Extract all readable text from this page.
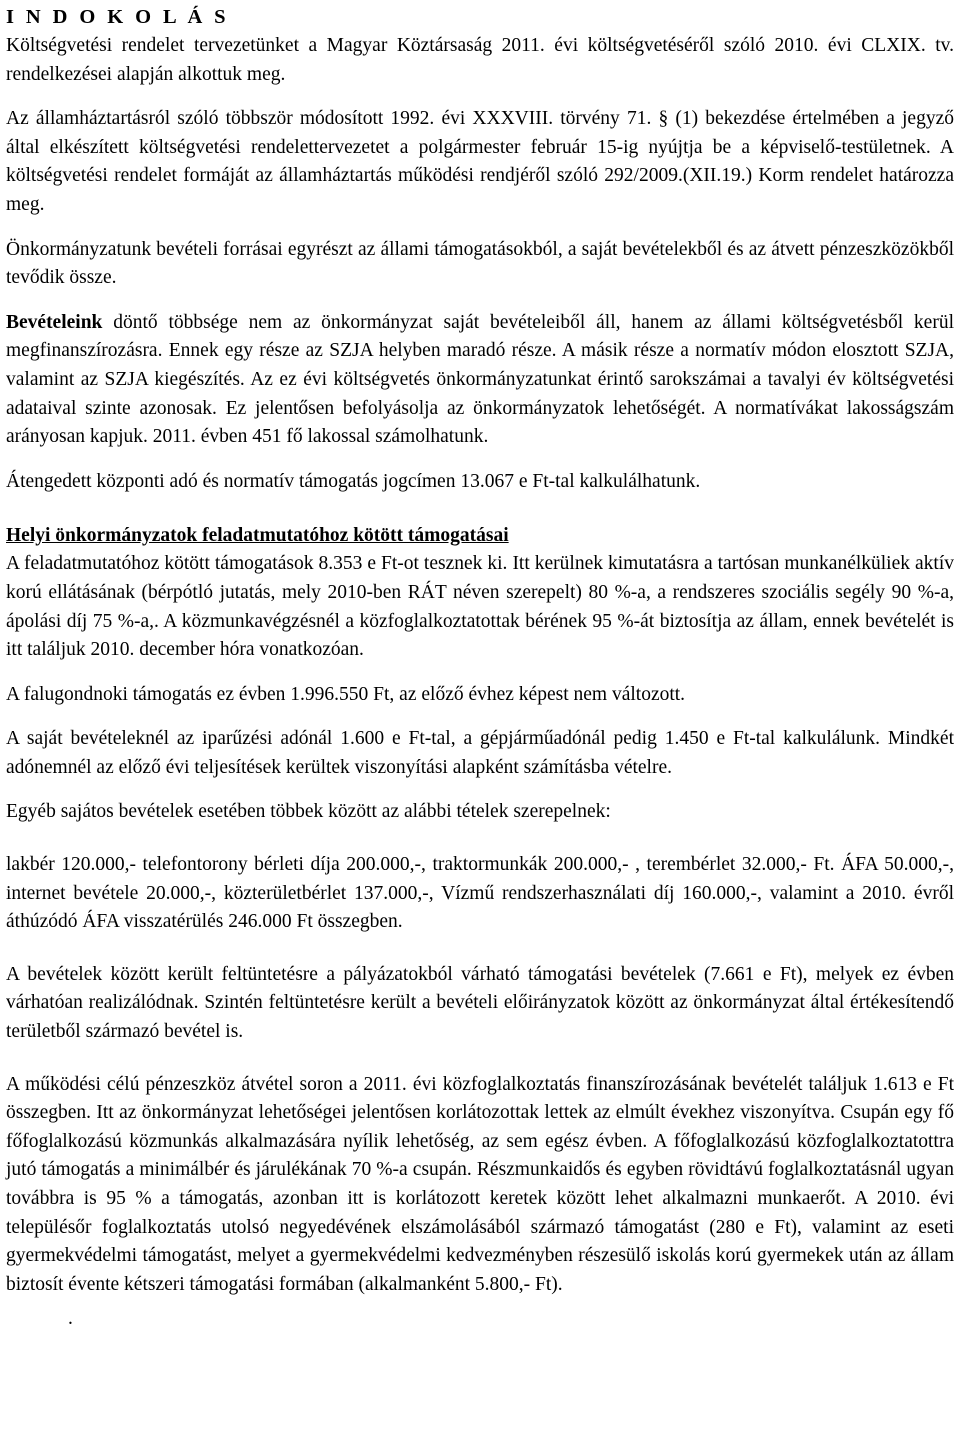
I N D O K O L Á S

Költségvetési rendelet tervezetünket a Magyar Köztársaság 2011. évi költségvetéséről szóló 2010. évi CLXIX. tv. rendelkezései alapján alkottuk meg.

Az államháztartásról szóló többször módosított 1992. évi XXXVIII. törvény 71. § (1) bekezdése értelmében a jegyző által elkészített költségvetési rendelettervezetet a polgármester február 15-ig nyújtja be a képviselő-testületnek. A költségvetési rendelet formáját az államháztartás működési rendjéről szóló 292/2009.(XII.19.) Korm rendelet határozza meg.

Önkormányzatunk bevételi forrásai egyrészt az állami támogatásokból, a saját bevételekből és az átvett pénzeszközökből tevődik össze.

Bevételeink döntő többsége nem az önkormányzat saját bevételeiből áll, hanem az állami költségvetésből kerül megfinanszírozásra. Ennek egy része az SZJA helyben maradó része. A másik része a normatív módon elosztott SZJA, valamint az SZJA kiegészítés. Az ez évi költségvetés önkormányzatunkat érintő sarokszámai a tavalyi év költségvetési adataival szinte azonosak. Ez jelentősen befolyásolja az önkormányzatok lehetőségét. A normatívákat lakosságszám arányosan kapjuk. 2011. évben 451 fő lakossal számolhatunk.

Átengedett központi adó és normatív támogatás jogcímen 13.067 e Ft-tal kalkulálhatunk.

Helyi önkormányzatok feladatmutatóhoz kötött támogatásai

A feladatmutatóhoz kötött támogatások 8.353 e Ft-ot tesznek ki. Itt kerülnek kimutatásra a tartósan munkanélküliek aktív korú ellátásának (bérpótló jutatás, mely 2010-ben RÁT néven szerepelt) 80 %-a, a rendszeres szociális segély 90 %-a, ápolási díj 75 %-a,. A közmunkavégzésnél a közfoglalkoztatottak bérének 95 %-át biztosítja az állam, ennek bevételét is itt találjuk 2010. december hóra vonatkozóan.

A falugondnoki támogatás ez évben 1.996.550 Ft, az előző évhez képest nem változott.

A saját bevételeknél az iparűzési adónál 1.600 e Ft-tal, a gépjárműadónál pedig 1.450 e Ft-tal kalkulálunk. Mindkét adónemnél az előző évi teljesítések kerültek viszonyítási alapként számításba vételre.

Egyéb sajátos bevételek esetében többek között az alábbi tételek szerepelnek:

lakbér 120.000,- telefontorony bérleti díja 200.000,-, traktormunkák 200.000,- , terembérlet 32.000,- Ft. ÁFA 50.000,-, internet bevétele 20.000,-, közterületbérlet 137.000,-, Vízmű rendszerhasználati díj 160.000,-, valamint a 2010. évről áthúzódó ÁFA visszatérülés 246.000 Ft összegben.

A bevételek között került feltüntetésre a pályázatokból várható támogatási bevételek (7.661 e Ft), melyek ez évben várhatóan realizálódnak. Szintén feltüntetésre került a bevételi előirányzatok között az önkormányzat által értékesítendő területből származó bevétel is.

A működési célú pénzeszköz átvétel soron a 2011. évi közfoglalkoztatás finanszírozásának bevételét találjuk 1.613 e Ft összegben. Itt az önkormányzat lehetőségei jelentősen korlátozottak lettek az elmúlt évekhez viszonyítva. Csupán egy fő főfoglalkozású közmunkás alkalmazására nyílik lehetőség, az sem egész évben. A főfoglalkozású közfoglalkoztatottra jutó támogatás a minimálbér és járulékának 70 %-a csupán. Részmunkaidős és egyben rövidtávú foglalkoztatásnál ugyan továbbra is 95 % a támogatás, azonban itt is korlátozott keretek között lehet alkalmazni munkaerőt. A 2010. évi településőr foglalkoztatás utolsó negyedévének elszámolásából származó támogatást (280 e Ft), valamint az eseti gyermekvédelmi támogatást, melyet a gyermekvédelmi kedvezményben részesülő iskolás korú gyermekek után az állam biztosít évente kétszeri támogatási formában (alkalmanként 5.800,- Ft).

.
